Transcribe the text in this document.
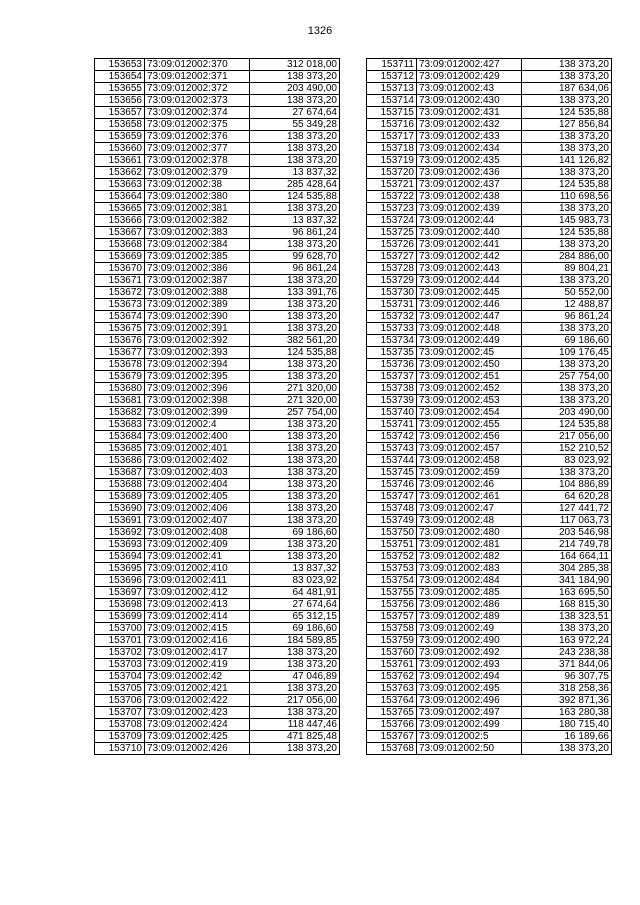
1326
153653	73:09:012002:370	312 018,00
153654	73:09:012002:371	138 373,20
153655	73:09:012002:372	203 490,00
153656	73:09:012002:373	138 373,20
153657	73:09:012002:374	27 674,64
153658	73:09:012002:375	55 349,28
153659	73:09:012002:376	138 373,20
153660	73:09:012002:377	138 373,20
153661	73:09:012002:378	138 373,20
153662	73:09:012002:379	13 837,32
153663	73:09:012002:38	285 428,64
153664	73:09:012002:380	124 535,88
153665	73:09:012002:381	138 373,20
153666	73:09:012002:382	13 837,32
153667	73:09:012002:383	96 861,24
153668	73:09:012002:384	138 373,20
153669	73:09:012002:385	99 628,70
153670	73:09:012002:386	96 861,24
153671	73:09:012002:387	138 373,20
153672	73:09:012002:388	133 391,76
153673	73:09:012002:389	138 373,20
153674	73:09:012002:390	138 373,20
153675	73:09:012002:391	138 373,20
153676	73:09:012002:392	382 561,20
153677	73:09:012002:393	124 535,88
153678	73:09:012002:394	138 373,20
153679	73:09:012002:395	138 373,20
153680	73:09:012002:396	271 320,00
153681	73:09:012002:398	271 320,00
153682	73:09:012002:399	257 754,00
153683	73:09:012002:4	138 373,20
153684	73:09:012002:400	138 373,20
153685	73:09:012002:401	138 373,20
153686	73:09:012002:402	138 373,20
153687	73:09:012002:403	138 373,20
153688	73:09:012002:404	138 373,20
153689	73:09:012002:405	138 373,20
153690	73:09:012002:406	138 373,20
153691	73:09:012002:407	138 373,20
153692	73:09:012002:408	69 186,60
153693	73:09:012002:409	138 373,20
153694	73:09:012002:41	138 373,20
153695	73:09:012002:410	13 837,32
153696	73:09:012002:411	83 023,92
153697	73:09:012002:412	64 481,91
153698	73:09:012002:413	27 674,64
153699	73:09:012002:414	65 312,15
153700	73:09:012002:415	69 186,60
153701	73:09:012002:416	184 589,85
153702	73:09:012002:417	138 373,20
153703	73:09:012002:419	138 373,20
153704	73:09:012002:42	47 046,89
153705	73:09:012002:421	138 373,20
153706	73:09:012002:422	217 056,00
153707	73:09:012002:423	138 373,20
153708	73:09:012002:424	118 447,46
153709	73:09:012002:425	471 825,48
153710	73:09:012002:426	138 373,20
153711	73:09:012002:427	138 373,20
153712	73:09:012002:429	138 373,20
153713	73:09:012002:43	187 634,06
153714	73:09:012002:430	138 373,20
153715	73:09:012002:431	124 535,88
153716	73:09:012002:432	127 856,84
153717	73:09:012002:433	138 373,20
153718	73:09:012002:434	138 373,20
153719	73:09:012002:435	141 126,82
153720	73:09:012002:436	138 373,20
153721	73:09:012002:437	124 535,88
153722	73:09:012002:438	110 698,56
153723	73:09:012002:439	138 373,20
153724	73:09:012002:44	145 983,73
153725	73:09:012002:440	124 535,88
153726	73:09:012002:441	138 373,20
153727	73:09:012002:442	284 886,00
153728	73:09:012002:443	89 804,21
153729	73:09:012002:444	138 373,20
153730	73:09:012002:445	50 552,00
153731	73:09:012002:446	12 488,87
153732	73:09:012002:447	96 861,24
153733	73:09:012002:448	138 373,20
153734	73:09:012002:449	69 186,60
153735	73:09:012002:45	109 176,45
153736	73:09:012002:450	138 373,20
153737	73:09:012002:451	257 754,00
153738	73:09:012002:452	138 373,20
153739	73:09:012002:453	138 373,20
153740	73:09:012002:454	203 490,00
153741	73:09:012002:455	124 535,88
153742	73:09:012002:456	217 056,00
153743	73:09:012002:457	152 210,52
153744	73:09:012002:458	83 023,92
153745	73:09:012002:459	138 373,20
153746	73:09:012002:46	104 886,89
153747	73:09:012002:461	64 620,28
153748	73:09:012002:47	127 441,72
153749	73:09:012002:48	117 063,73
153750	73:09:012002:480	203 546,98
153751	73:09:012002:481	214 749,78
153752	73:09:012002:482	164 664,11
153753	73:09:012002:483	304 285,38
153754	73:09:012002:484	341 184,90
153755	73:09:012002:485	163 695,50
153756	73:09:012002:486	168 815,30
153757	73:09:012002:489	138 323,51
153758	73:09:012002:49	138 373,20
153759	73:09:012002:490	163 972,24
153760	73:09:012002:492	243 238,38
153761	73:09:012002:493	371 844,06
153762	73:09:012002:494	96 307,75
153763	73:09:012002:495	318 258,36
153764	73:09:012002:496	392 871,36
153765	73:09:012002:497	163 280,38
153766	73:09:012002:499	180 715,40
153767	73:09:012002:5	16 189,66
153768	73:09:012002:50	138 373,20
